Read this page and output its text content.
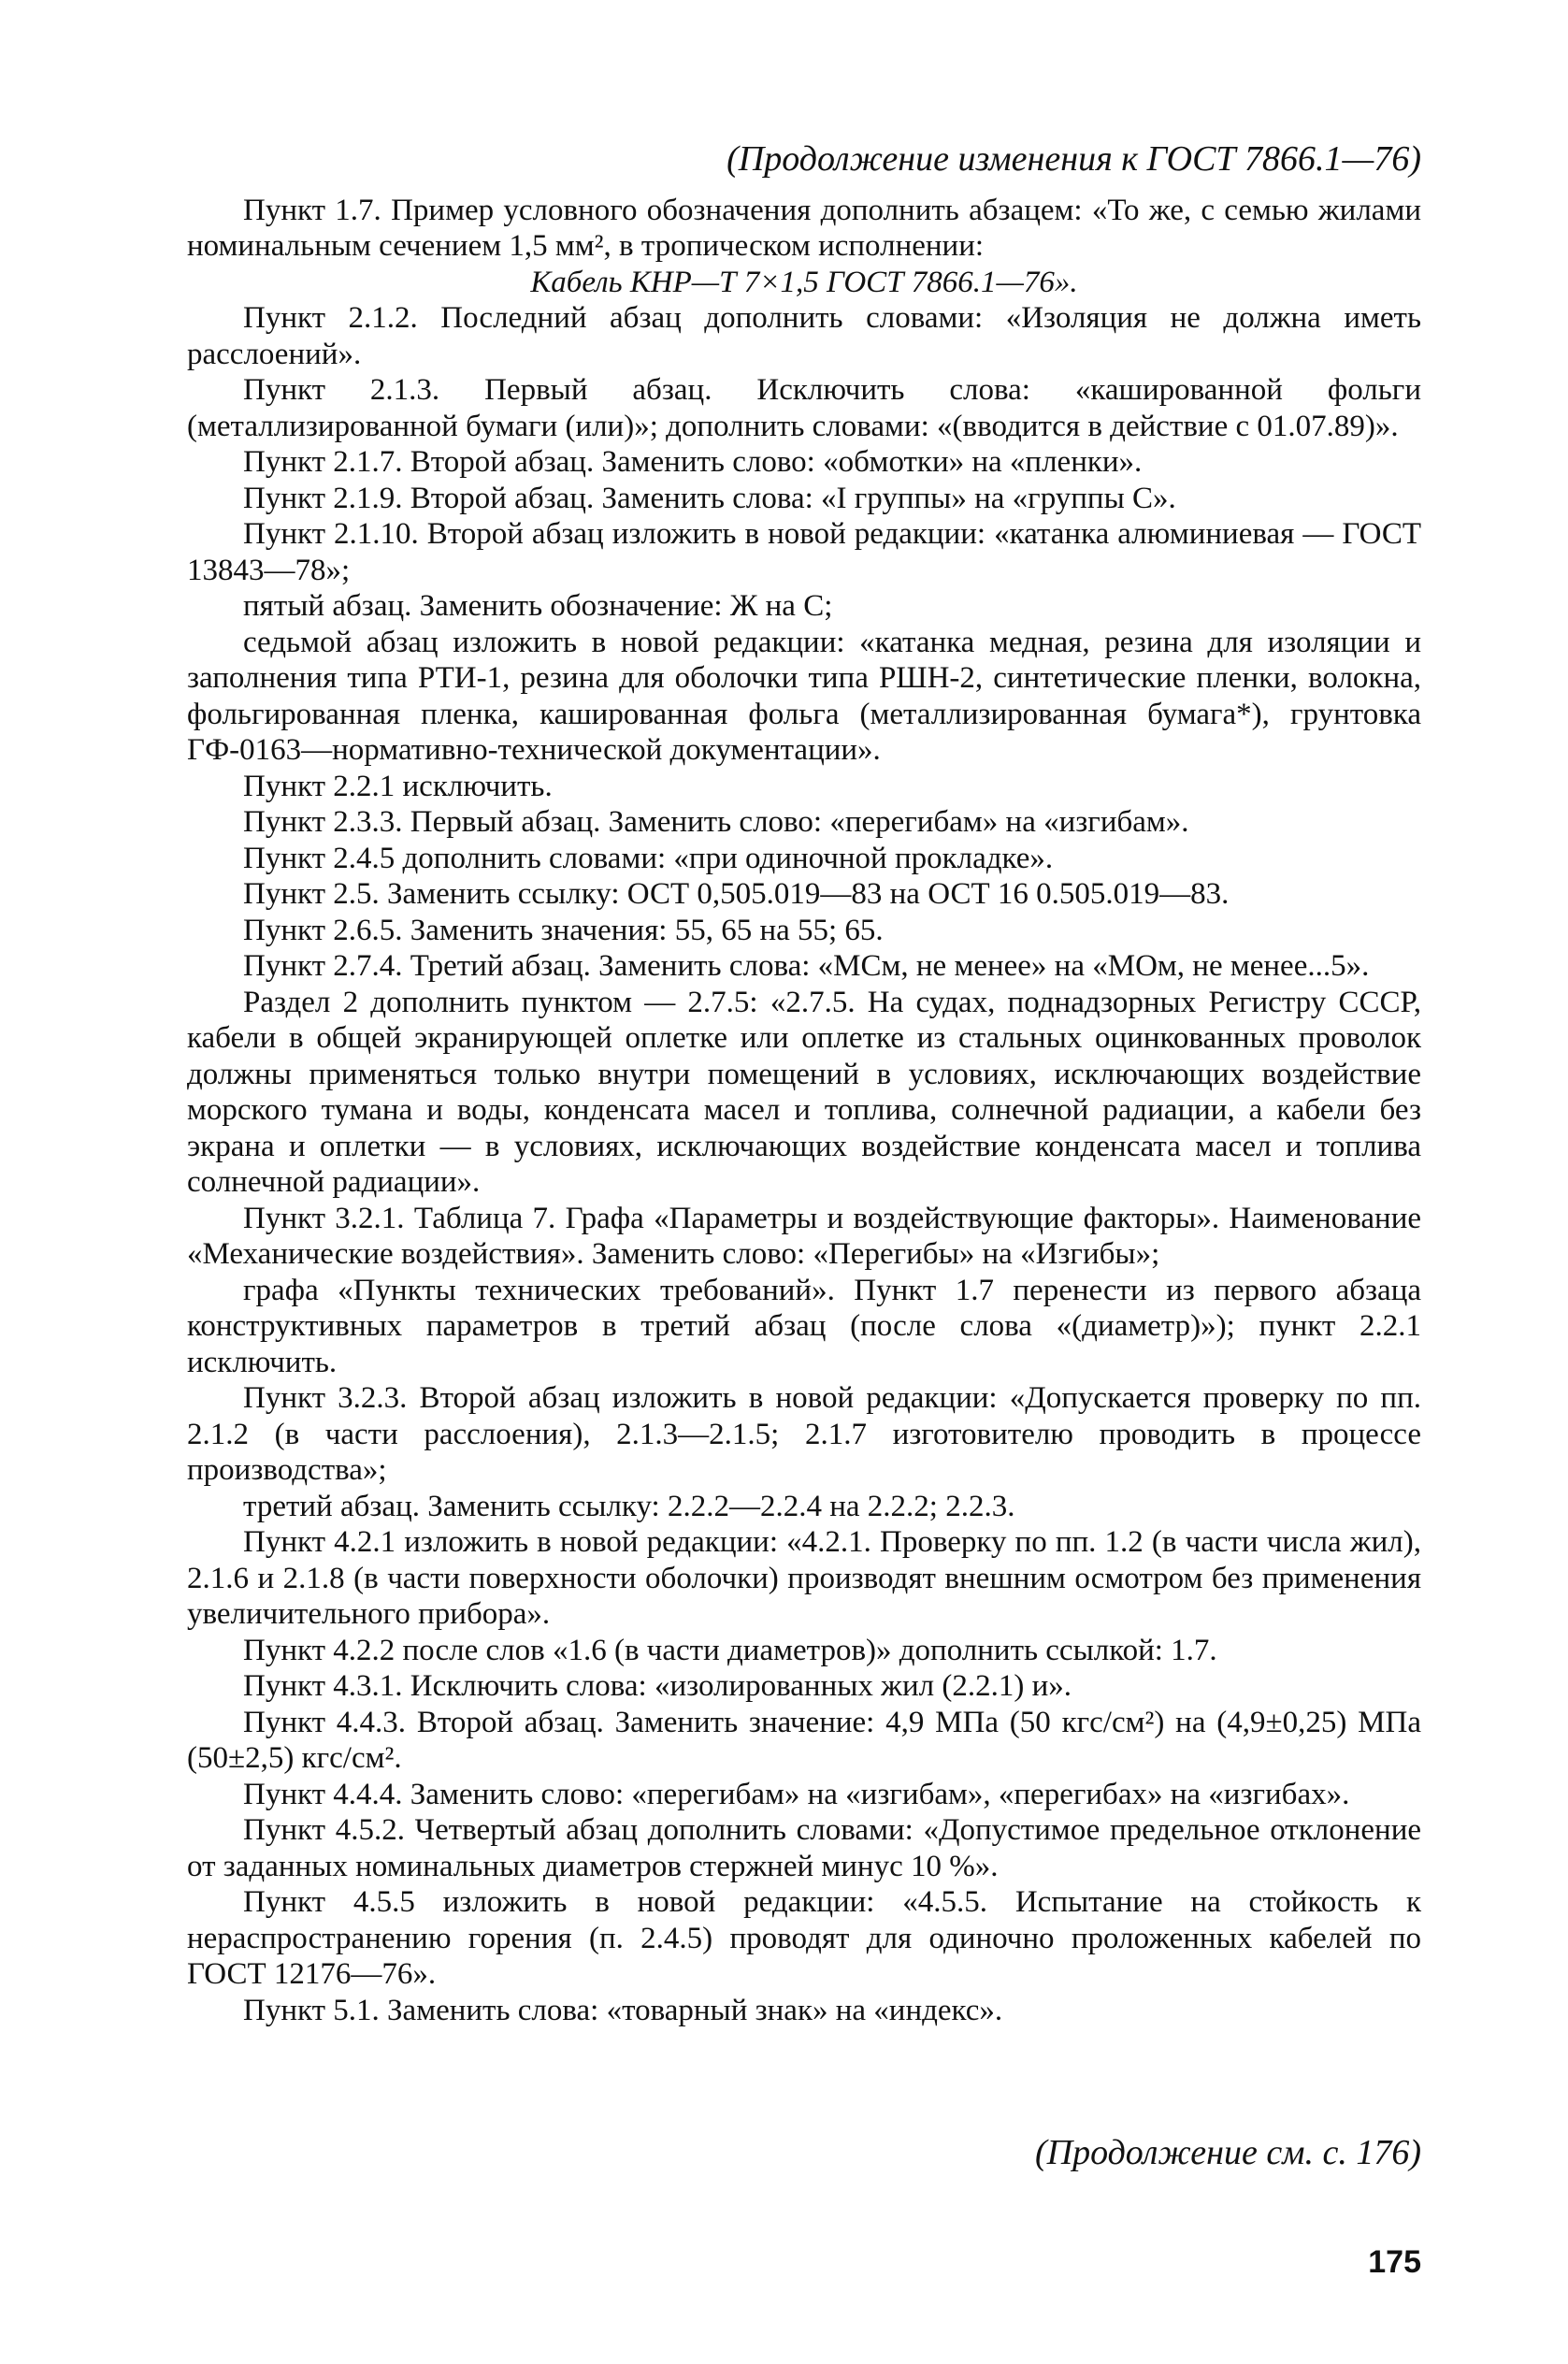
(Продолжение изменения к ГОСТ 7866.1—76)

Пункт 1.7. Пример условного обозначения дополнить абзацем: «То же, с семью жилами номинальным сечением 1,5 мм², в тропическом исполнении:

Кабель КНР—Т 7×1,5 ГОСТ 7866.1—76».

Пункт 2.1.2. Последний абзац дополнить словами: «Изоляция не должна иметь расслоений».

Пункт 2.1.3. Первый абзац. Исключить слова: «кашированной фольги (металлизированной бумаги (или)»; дополнить словами: «(вводится в действие с 01.07.89)».

Пункт 2.1.7. Второй абзац. Заменить слово: «обмотки» на «пленки».

Пункт 2.1.9. Второй абзац. Заменить слова: «I группы» на «группы С».

Пункт 2.1.10. Второй абзац изложить в новой редакции: «катанка алюминиевая — ГОСТ 13843—78»;

пятый абзац. Заменить обозначение: Ж на С;

седьмой абзац изложить в новой редакции: «катанка медная, резина для изоляции и заполнения типа РТИ-1, резина для оболочки типа РШН-2, синтетические пленки, волокна, фольгированная пленка, кашированная фольга (металлизированная бумага*), грунтовка ГФ-0163—нормативно-технической документации».

Пункт 2.2.1 исключить.

Пункт 2.3.3. Первый абзац. Заменить слово: «перегибам» на «изгибам».

Пункт 2.4.5 дополнить словами: «при одиночной прокладке».

Пункт 2.5. Заменить ссылку: ОСТ 0,505.019—83 на ОСТ 16 0.505.019—83.

Пункт 2.6.5. Заменить значения: 55, 65 на 55; 65.

Пункт 2.7.4. Третий абзац. Заменить слова: «МСм, не менее» на «МОм, не менее...5».

Раздел 2 дополнить пунктом — 2.7.5: «2.7.5. На судах, поднадзорных Регистру СССР, кабели в общей экранирующей оплетке или оплетке из стальных оцинкованных проволок должны применяться только внутри помещений в условиях, исключающих воздействие морского тумана и воды, конденсата масел и топлива, солнечной радиации, а кабели без экрана и оплетки — в условиях, исключающих воздействие конденсата масел и топлива солнечной радиации».

Пункт 3.2.1. Таблица 7. Графа «Параметры и воздействующие факторы». Наименование «Механические воздействия». Заменить слово: «Перегибы» на «Изгибы»;

графа «Пункты технических требований». Пункт 1.7 перенести из первого абзаца конструктивных параметров в третий абзац (после слова «(диаметр)»); пункт 2.2.1 исключить.

Пункт 3.2.3. Второй абзац изложить в новой редакции: «Допускается проверку по пп. 2.1.2 (в части расслоения), 2.1.3—2.1.5; 2.1.7 изготовителю проводить в процессе производства»;

третий абзац. Заменить ссылку: 2.2.2—2.2.4 на 2.2.2; 2.2.3.

Пункт 4.2.1 изложить в новой редакции: «4.2.1. Проверку по пп. 1.2 (в части числа жил), 2.1.6 и 2.1.8 (в части поверхности оболочки) производят внешним осмотром без применения увеличительного прибора».

Пункт 4.2.2 после слов «1.6 (в части диаметров)» дополнить ссылкой: 1.7.

Пункт 4.3.1. Исключить слова: «изолированных жил (2.2.1) и».

Пункт 4.4.3. Второй абзац. Заменить значение: 4,9 МПа (50 кгс/см²) на (4,9±0,25) МПа (50±2,5) кгс/см².

Пункт 4.4.4. Заменить слово: «перегибам» на «изгибам», «перегибах» на «изгибах».

Пункт 4.5.2. Четвертый абзац дополнить словами: «Допустимое предельное отклонение от заданных номинальных диаметров стержней минус 10 %».

Пункт 4.5.5 изложить в новой редакции: «4.5.5. Испытание на стойкость к нераспространению горения (п. 2.4.5) проводят для одиночно проложенных кабелей по ГОСТ 12176—76».

Пункт 5.1. Заменить слова: «товарный знак» на «индекс».

(Продолжение см. с. 176)
175
